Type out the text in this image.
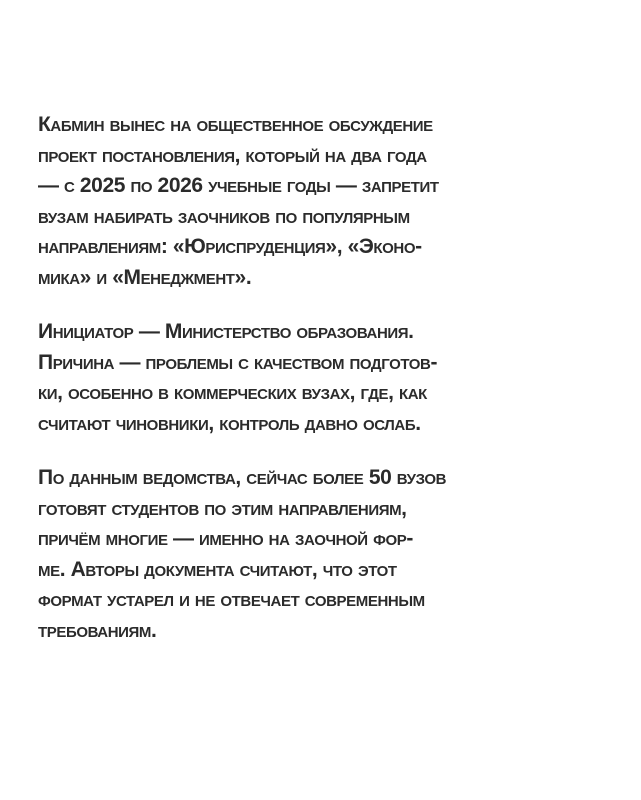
Кабмин вынес на общественное обсуждение
проект постановления, который на два года
— с 2025 по 2026 учебные годы — запретит
вузам набирать заочников по популярным
направлениям: «Юриспруденция», «Эконо-
мика» и «Менеджмент».

Инициатор — Министерство образования.
Причина — проблемы с качеством подготов-
ки, особенно в коммерческих вузах, где, как
считают чиновники, контроль давно ослаб.

По данным ведомства, сейчас более 50 вузов
готовят студентов по этим направлениям,
причём многие — именно на заочной фор-
ме. Авторы документа считают, что этот
формат устарел и не отвечает современным
требованиям.
